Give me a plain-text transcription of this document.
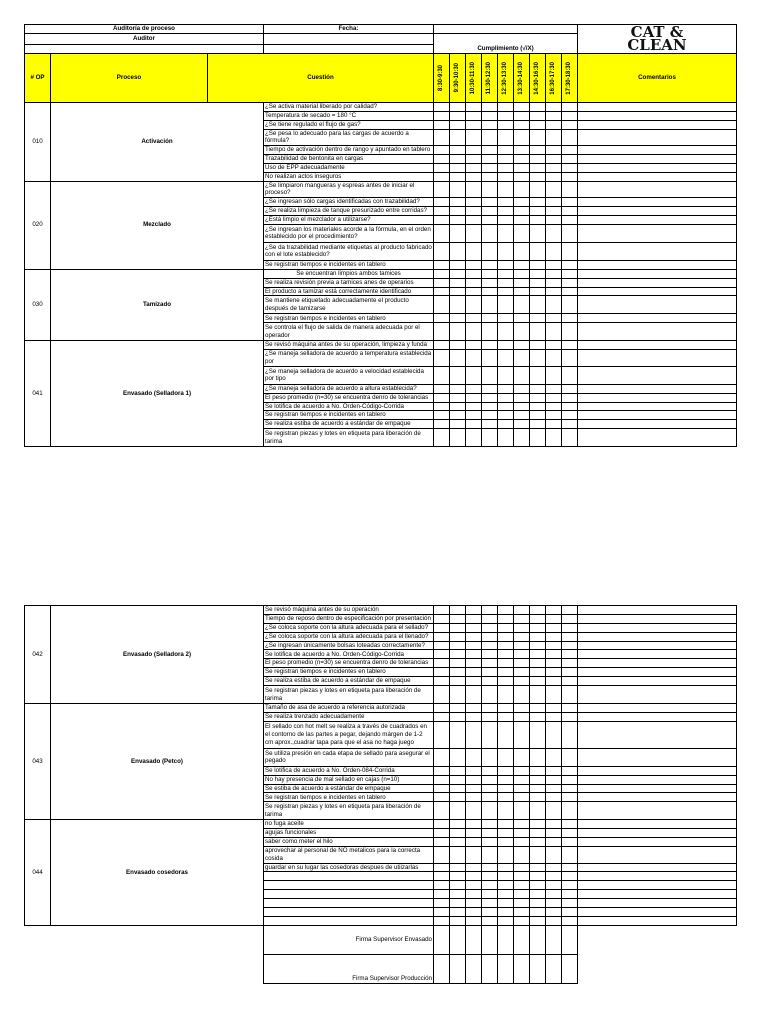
Auditoría de proceso			Fecha:										CAT &
CLEAN

Auditor				Cumplimiento (√/X)									

# OP	Proceso	Cuestión		8:30-9:30	9:30-10:30	10:30-11:30	11:30-12:30	12:30-13:30	13:30-14:30	14:30-16:30	16:30-17:30	17:30-18:30	Comentarios
010	Activación		¿Se activa material liberado por calidad?										
			Temperatura de secado = 180 °C										
			¿Se tiene regulado el flujo de gas?										
			¿Se pesa lo adecuado para las cargas de acuerdo a fórmula?										
			Tiempo de activación dentro de rango y apuntado en tablero										
			Trazabilidad de bentonita en cargas										
			Uso de EPP adecuadamente										
			No realizan actos inseguros										
020	Mezclado		¿Se limpiaron mangueras y espreas antes de iniciar el proceso?										
			¿Se ingresan sólo cargas identificadas con trazabilidad?										
			¿Se realiza limpieza de tanque presurizado entre corridas?										
			¿Está limpio el mezclador a utilizarse?										
			¿Se ingresan los materiales acorde a la fórmula, en el orden establecido por el procedimiento?										
			¿Se da trazabilidad mediante etiquetas al producto fabricado con el lote establecido?										
			Se registran tiempos e incidentes en tablero										
030	Tamizado		Se encuentran limpios ambos tamices										
			Se realiza revisión previa a tamices anes de operarios										
			El producto a tamizar está correctamente identificado										
			Se mantiene etiquetado adecuadamente el producto después de tamizarse										
			Se registran tiempos e incidentes en tablero										
			Se controla el flujo de salida de manera adecuada por el operador										
041	Envasado (Selladora 1)		Se revisó máquina antes de su operación, limpieza y funda										
			¿Se maneja selladora de acuerdo a temperatura establecida por										
			¿Se maneja selladora de acuerdo a velocidad establecida por tipo										
			¿Se maneja selladora de acuerdo a altura establecida?										
			El peso promedio (n=30) se encuentra denro de tolerancias										
			Se lotifica de acuerdo a No. Orden-Código-Corrida										
			Se registran tiempos e incidentes en tablero										
			Se realiza estiba de acuerdo a estándar de empaque										
			Se registran piezas y lotes en etiqueta para liberación de tarima										
042	Envasado (Selladora 2)	Se revisó máquina antes de su operación										
		Tiempo de reposo dentro de especificación por presentación										
		¿Se coloca soporte con la altura adecuada para el sellado?										
		¿Se coloca soporte con la altura adecuada para el llenado?										
		¿Se ingresan únicamente bolsas loteadas correctamente?										
		Se lotifica de acuerdo a No. Orden-Código-Corrida										
		El peso promedio (n=30) se encuentra denro de tolerancias										
		Se registran tiempos e incidentes en tablero										
		Se realiza estiba de acuerdo a estándar de empaque										
		Se registran piezas y lotes en etiqueta para liberación de tarima										
043	Envasado (Petco)	Tamaño de asa de acuerdo a referencia autorizada										
		Se realiza trenzado adecuadamente										
		El sellado con hot melt se realiza a través de cuadrados en el contorno de las partes a pegar, dejando márgen de 1-2 cm aprox.,cuadrar tapa para que el asa no haga juego										
		Se utiliza presión en cada etapa de sellado para asegurar el pegado										
		Se lotifica de acuerdo a No. Orden-084-Corrida										
		No hay presencia de mal sellado en cajas (n=10)										
		Se estiba de acuerdo a estándar de empaque										
		Se registran tiempos e incidentes en tablero										
		Se registran piezas y lotes en etiqueta para liberación de tarima										
044	Envasado cosedoras	no fuga aceite										
		agujas funcionales										
		saber como meter el hilo										
		aprovechar al personal de NO metalicos para la correcta cosida										
		guardar en su lugar las cosedoras despues de utiizarlas										

		Firma Supervisor Envasado										
		Firma Supervisor Producción										
